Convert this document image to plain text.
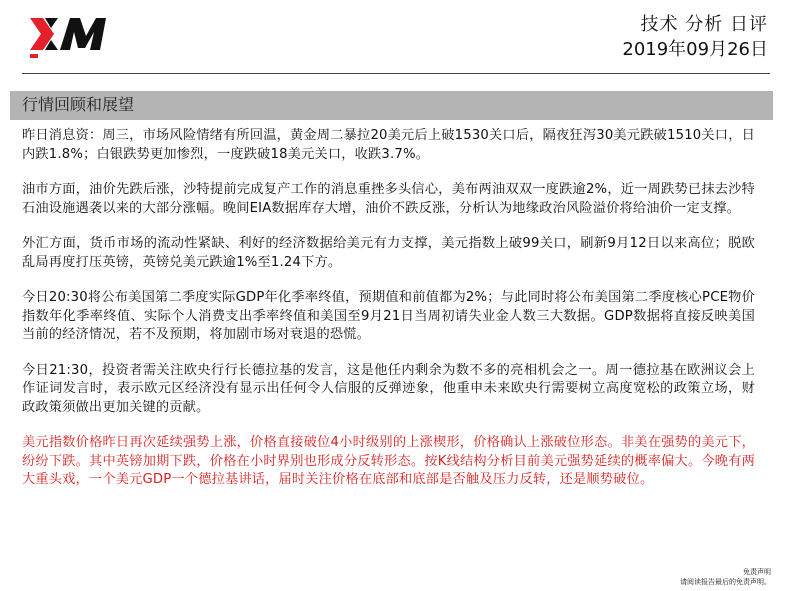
技术 分析 日评
2019年09月26日
行情回顾和展望

昨日消息资：周三，市场风险情绪有所回温，黄金周二暴拉20美元后上破1530关口后，隔夜狂泻30美元跌破1510关口，日内跌1.8%；白银跌势更加惨烈，一度跌破18美元关口，收跌3.7%。

油市方面，油价先跌后涨，沙特提前完成复产工作的消息重挫多头信心，美布两油双双一度跌逾2%，近一周跌势已抹去沙特石油设施遇袭以来的大部分涨幅。晚间EIA数据库存大增，油价不跌反涨，分析认为地缘政治风险溢价将给油价一定支撑。

外汇方面，货币市场的流动性紧缺、利好的经济数据给美元有力支撑，美元指数上破99关口，刷新9月12日以来高位；脱欧乱局再度打压英镑，英镑兑美元跌逾1%至1.24下方。

今日20:30将公布美国第二季度实际GDP年化季率终值，预期值和前值都为2%；与此同时将公布美国第二季度核心PCE物价指数年化季率终值、实际个人消费支出季率终值和美国至9月21日当周初请失业金人数三大数据。GDP数据将直接反映美国当前的经济情况，若不及预期，将加剧市场对衰退的恐慌。

今日21:30，投资者需关注欧央行行长德拉基的发言，这是他任内剩余为数不多的亮相机会之一。周一德拉基在欧洲议会上作证词发言时，表示欧元区经济没有显示出任何令人信服的反弹迹象，他重申未来欧央行需要树立高度宽松的政策立场，财政政策须做出更加关键的贡献。

美元指数价格昨日再次延续强势上涨，价格直接破位4小时级别的上涨楔形，价格确认上涨破位形态。非美在强势的美元下，纷纷下跌。其中英镑加期下跌，价格在小时界别也形成分反转形态。按K线结构分析目前美元强势延续的概率偏大。今晚有两大重头戏，一个美元GDP一个德拉基讲话，届时关注价格在底部和底部是否触及压力反转，还是顺势破位。

免责声明
请阅读报告最后的免责声明。
